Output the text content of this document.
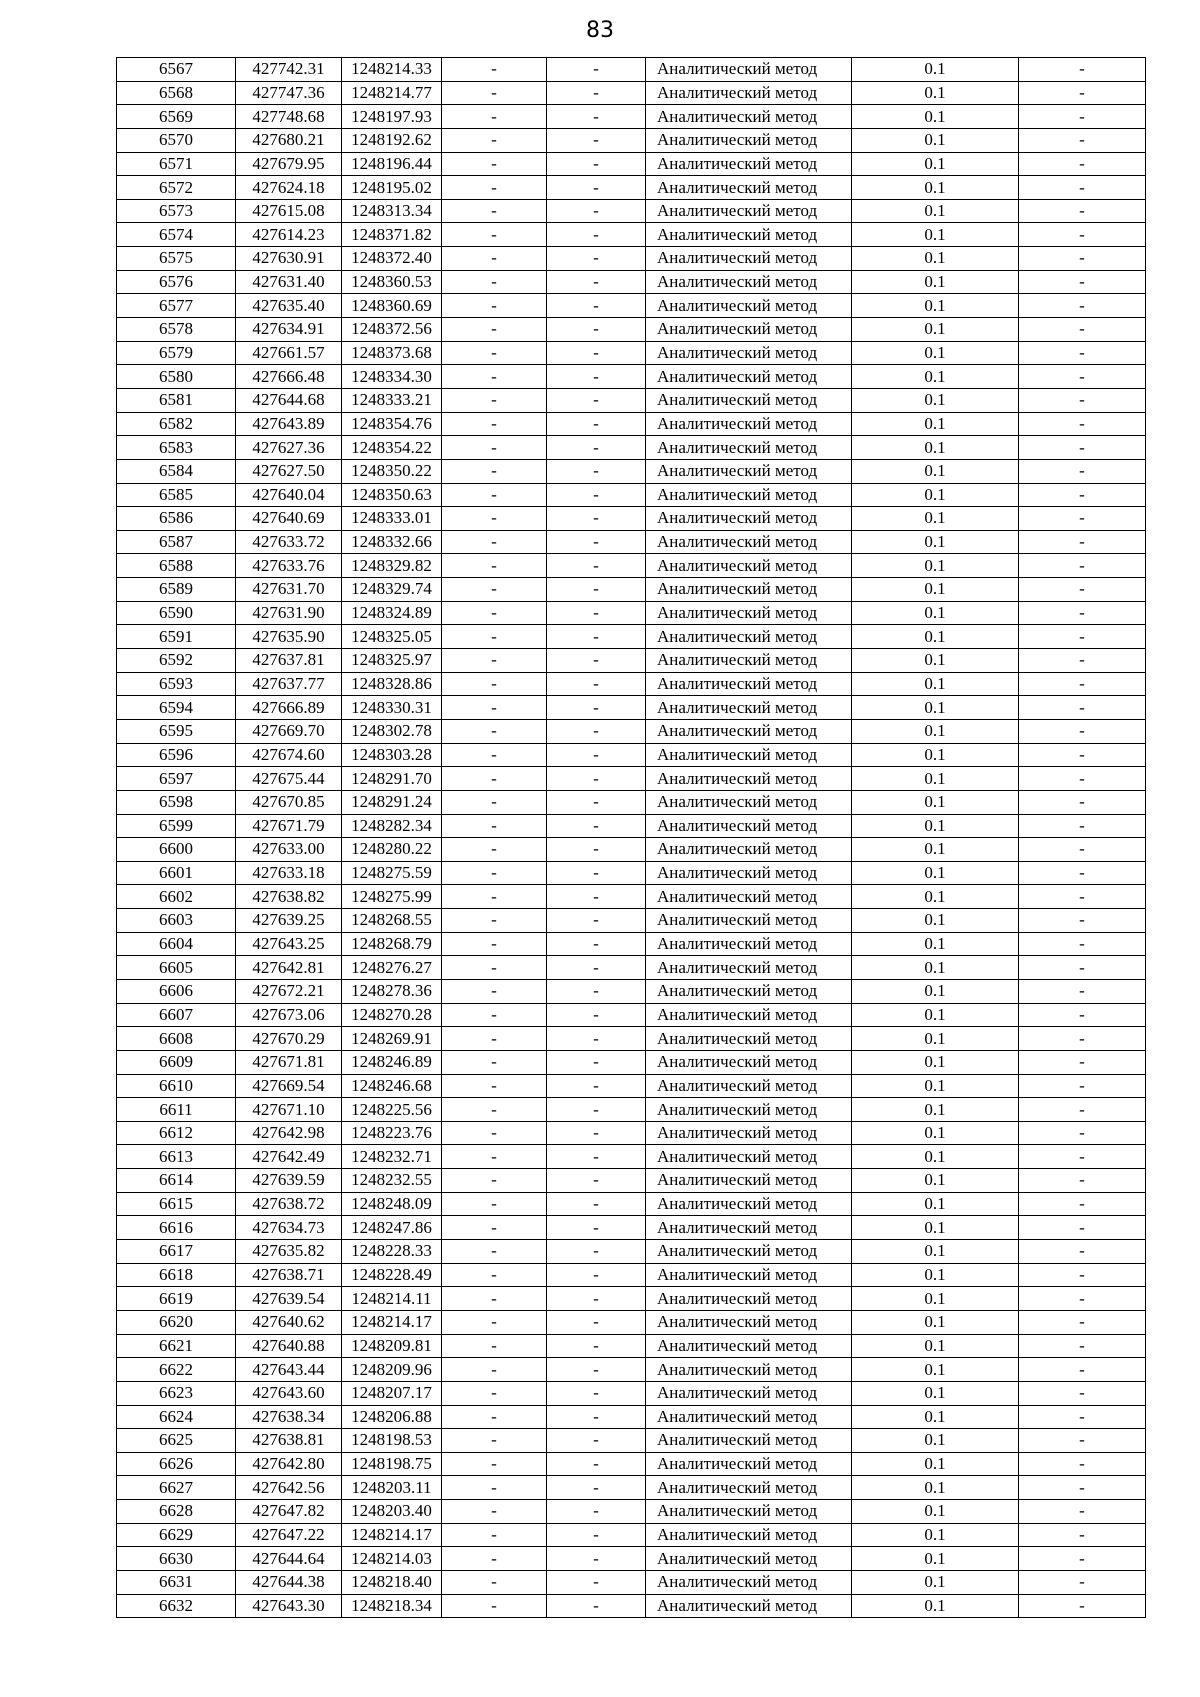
83
6567	427742.31	1248214.33	-	-	Аналитический метод	0.1	-
6568	427747.36	1248214.77	-	-	Аналитический метод	0.1	-
6569	427748.68	1248197.93	-	-	Аналитический метод	0.1	-
6570	427680.21	1248192.62	-	-	Аналитический метод	0.1	-
6571	427679.95	1248196.44	-	-	Аналитический метод	0.1	-
6572	427624.18	1248195.02	-	-	Аналитический метод	0.1	-
6573	427615.08	1248313.34	-	-	Аналитический метод	0.1	-
6574	427614.23	1248371.82	-	-	Аналитический метод	0.1	-
6575	427630.91	1248372.40	-	-	Аналитический метод	0.1	-
6576	427631.40	1248360.53	-	-	Аналитический метод	0.1	-
6577	427635.40	1248360.69	-	-	Аналитический метод	0.1	-
6578	427634.91	1248372.56	-	-	Аналитический метод	0.1	-
6579	427661.57	1248373.68	-	-	Аналитический метод	0.1	-
6580	427666.48	1248334.30	-	-	Аналитический метод	0.1	-
6581	427644.68	1248333.21	-	-	Аналитический метод	0.1	-
6582	427643.89	1248354.76	-	-	Аналитический метод	0.1	-
6583	427627.36	1248354.22	-	-	Аналитический метод	0.1	-
6584	427627.50	1248350.22	-	-	Аналитический метод	0.1	-
6585	427640.04	1248350.63	-	-	Аналитический метод	0.1	-
6586	427640.69	1248333.01	-	-	Аналитический метод	0.1	-
6587	427633.72	1248332.66	-	-	Аналитический метод	0.1	-
6588	427633.76	1248329.82	-	-	Аналитический метод	0.1	-
6589	427631.70	1248329.74	-	-	Аналитический метод	0.1	-
6590	427631.90	1248324.89	-	-	Аналитический метод	0.1	-
6591	427635.90	1248325.05	-	-	Аналитический метод	0.1	-
6592	427637.81	1248325.97	-	-	Аналитический метод	0.1	-
6593	427637.77	1248328.86	-	-	Аналитический метод	0.1	-
6594	427666.89	1248330.31	-	-	Аналитический метод	0.1	-
6595	427669.70	1248302.78	-	-	Аналитический метод	0.1	-
6596	427674.60	1248303.28	-	-	Аналитический метод	0.1	-
6597	427675.44	1248291.70	-	-	Аналитический метод	0.1	-
6598	427670.85	1248291.24	-	-	Аналитический метод	0.1	-
6599	427671.79	1248282.34	-	-	Аналитический метод	0.1	-
6600	427633.00	1248280.22	-	-	Аналитический метод	0.1	-
6601	427633.18	1248275.59	-	-	Аналитический метод	0.1	-
6602	427638.82	1248275.99	-	-	Аналитический метод	0.1	-
6603	427639.25	1248268.55	-	-	Аналитический метод	0.1	-
6604	427643.25	1248268.79	-	-	Аналитический метод	0.1	-
6605	427642.81	1248276.27	-	-	Аналитический метод	0.1	-
6606	427672.21	1248278.36	-	-	Аналитический метод	0.1	-
6607	427673.06	1248270.28	-	-	Аналитический метод	0.1	-
6608	427670.29	1248269.91	-	-	Аналитический метод	0.1	-
6609	427671.81	1248246.89	-	-	Аналитический метод	0.1	-
6610	427669.54	1248246.68	-	-	Аналитический метод	0.1	-
6611	427671.10	1248225.56	-	-	Аналитический метод	0.1	-
6612	427642.98	1248223.76	-	-	Аналитический метод	0.1	-
6613	427642.49	1248232.71	-	-	Аналитический метод	0.1	-
6614	427639.59	1248232.55	-	-	Аналитический метод	0.1	-
6615	427638.72	1248248.09	-	-	Аналитический метод	0.1	-
6616	427634.73	1248247.86	-	-	Аналитический метод	0.1	-
6617	427635.82	1248228.33	-	-	Аналитический метод	0.1	-
6618	427638.71	1248228.49	-	-	Аналитический метод	0.1	-
6619	427639.54	1248214.11	-	-	Аналитический метод	0.1	-
6620	427640.62	1248214.17	-	-	Аналитический метод	0.1	-
6621	427640.88	1248209.81	-	-	Аналитический метод	0.1	-
6622	427643.44	1248209.96	-	-	Аналитический метод	0.1	-
6623	427643.60	1248207.17	-	-	Аналитический метод	0.1	-
6624	427638.34	1248206.88	-	-	Аналитический метод	0.1	-
6625	427638.81	1248198.53	-	-	Аналитический метод	0.1	-
6626	427642.80	1248198.75	-	-	Аналитический метод	0.1	-
6627	427642.56	1248203.11	-	-	Аналитический метод	0.1	-
6628	427647.82	1248203.40	-	-	Аналитический метод	0.1	-
6629	427647.22	1248214.17	-	-	Аналитический метод	0.1	-
6630	427644.64	1248214.03	-	-	Аналитический метод	0.1	-
6631	427644.38	1248218.40	-	-	Аналитический метод	0.1	-
6632	427643.30	1248218.34	-	-	Аналитический метод	0.1	-
